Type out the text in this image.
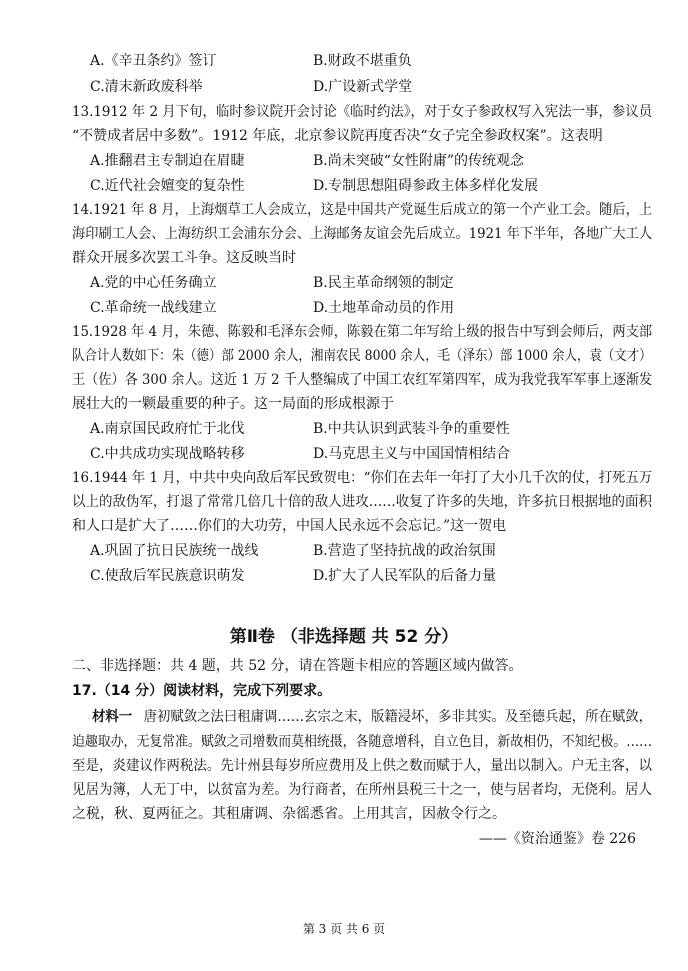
A.《辛丑条约》签订	B.财政不堪重负
C.清末新政废科举	D.广设新式学堂
13.1912 年 2 月下旬，临时参议院开会讨论《临时约法》，对于女子参政权写入宪法一事，参议员
“不赞成者居中多数”。1912 年底，北京参议院再度否决“女子完全参政权案”。这表明
A.推翻君主专制迫在眉睫	B.尚未突破“女性附庸”的传统观念
C.近代社会嬗变的复杂性	D.专制思想阻碍参政主体多样化发展
14.1921 年 8 月，上海烟草工人会成立，这是中国共产党诞生后成立的第一个产业工会。随后，上
海印刷工人会、上海纺织工会浦东分会、上海邮务友谊会先后成立。1921 年下半年，各地广大工人
群众开展多次罢工斗争。这反映当时
A.党的中心任务确立	B.民主革命纲领的制定
C.革命统一战线建立	D.土地革命动员的作用
15.1928 年 4 月，朱德、陈毅和毛泽东会师，陈毅在第二年写给上级的报告中写到会师后，两支部
队合计人数如下：朱（德）部 2000 余人，湘南农民 8000 余人，毛（泽东）部 1000 余人，袁（文才）
王（佐）各 300 余人。这近 1 万 2 千人整编成了中国工农红军第四军，成为我党我军军事上逐渐发
展壮大的一颗最重要的种子。这一局面的形成根源于
A.南京国民政府忙于北伐	B.中共认识到武装斗争的重要性
C.中共成功实现战略转移	D.马克思主义与中国国情相结合
16.1944 年 1 月，中共中央向敌后军民致贺电：“你们在去年一年打了大小几千次的仗，打死五万
以上的敌伪军，打退了常常几倍几十倍的敌人进攻……收复了许多的失地，许多抗日根据地的面积
和人口是扩大了……你们的大功劳，中国人民永远不会忘记。”这一贺电
A.巩固了抗日民族统一战线	B.营造了坚持抗战的政治氛围
C.使敌后军民族意识萌发	D.扩大了人民军队的后备力量
第Ⅱ卷 （非选择题 共 52 分）
二、非选择题：共 4 题，共 52 分，请在答题卡相应的答题区域内做答。
17.（14 分）阅读材料，完成下列要求。
材料一 唐初赋敛之法曰租庸调……玄宗之末，版籍浸坏，多非其实。及至德兵起，所在赋敛，
迫趣取办，无复常准。赋敛之司增数而莫相统摄，各随意增科，自立色目，新故相仍，不知纪极。……
至是，炎建议作两税法。先计州县每岁所应费用及上供之数而赋于人，量出以制入。户无主客，以
见居为簿，人无丁中，以贫富为差。为行商者，在所州县税三十之一，使与居者均，无侥利。居人
之税，秋、夏两征之。其租庸调、杂徭悉省。上用其言，因赦令行之。
——《资治通鉴》卷 226
第 3 页 共 6 页
